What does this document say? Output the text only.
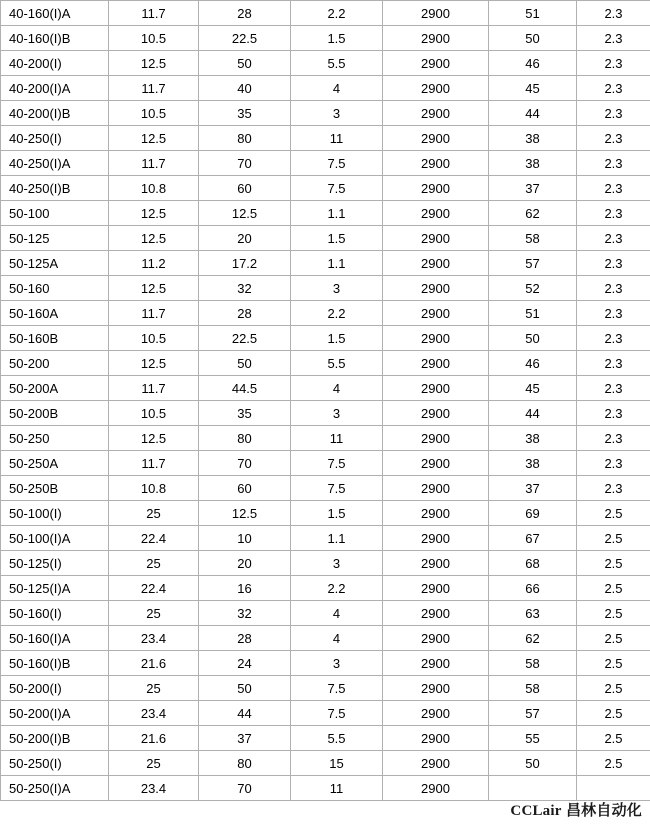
40-160(I)A	11.7	28	2.2	2900	51	2.3
40-160(I)B	10.5	22.5	1.5	2900	50	2.3
40-200(I)	12.5	50	5.5	2900	46	2.3
40-200(I)A	11.7	40	4	2900	45	2.3
40-200(I)B	10.5	35	3	2900	44	2.3
40-250(I)	12.5	80	11	2900	38	2.3
40-250(I)A	11.7	70	7.5	2900	38	2.3
40-250(I)B	10.8	60	7.5	2900	37	2.3
50-100	12.5	12.5	1.1	2900	62	2.3
50-125	12.5	20	1.5	2900	58	2.3
50-125A	11.2	17.2	1.1	2900	57	2.3
50-160	12.5	32	3	2900	52	2.3
50-160A	11.7	28	2.2	2900	51	2.3
50-160B	10.5	22.5	1.5	2900	50	2.3
50-200	12.5	50	5.5	2900	46	2.3
50-200A	11.7	44.5	4	2900	45	2.3
50-200B	10.5	35	3	2900	44	2.3
50-250	12.5	80	11	2900	38	2.3
50-250A	11.7	70	7.5	2900	38	2.3
50-250B	10.8	60	7.5	2900	37	2.3
50-100(I)	25	12.5	1.5	2900	69	2.5
50-100(I)A	22.4	10	1.1	2900	67	2.5
50-125(I)	25	20	3	2900	68	2.5
50-125(I)A	22.4	16	2.2	2900	66	2.5
50-160(I)	25	32	4	2900	63	2.5
50-160(I)A	23.4	28	4	2900	62	2.5
50-160(I)B	21.6	24	3	2900	58	2.5
50-200(I)	25	50	7.5	2900	58	2.5
50-200(I)A	23.4	44	7.5	2900	57	2.5
50-200(I)B	21.6	37	5.5	2900	55	2.5
50-250(I)	25	80	15	2900	50	2.5
50-250(I)A	23.4	70	11	2900		
CCLair 昌林自动化
